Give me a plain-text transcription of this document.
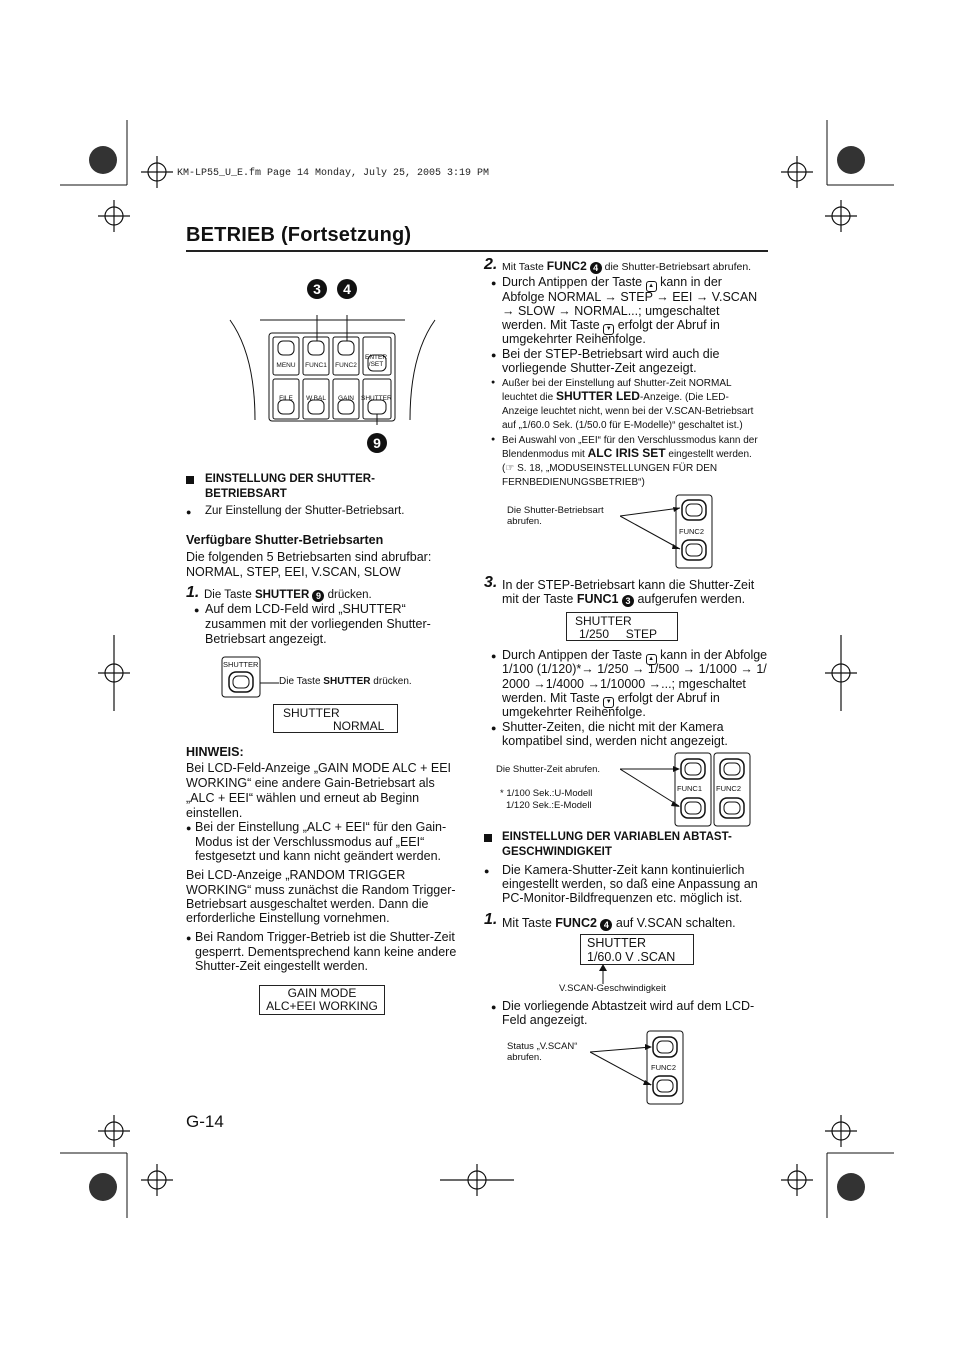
KM-LP55_U_E.fm Page 14 Monday, July 25, 2005 3:19 PM
BETRIEB (Fortsetzung)
MENU	FUNC1	FUNC2
ENTER /SET
FILE	W.BAL	GAIN	SHUTTER
3	4
9
EINSTELLUNG DER SHUTTER-
BETRIEBSART
● Zur Einstellung der Shutter-Betriebsart.
Verfügbare Shutter-Betriebsarten
Die folgenden 5 Betriebsarten sind abrufbar:
NORMAL, STEP, EEI, V.SCAN, SLOW
1. Die Taste SHUTTER 9 drücken.
● Auf dem LCD-Feld wird „SHUTTER“
zusammen mit der vorliegenden Shutter-
Betriebsart angezeigt.
SHUTTER
Die Taste SHUTTER drücken.
SHUTTER
NORMAL
HINWEIS:
Bei LCD-Feld-Anzeige „GAIN MODE ALC + EEI
WORKING“ eine andere Gain-Betriebsart als
„ALC + EEI“ wählen und erneut ab Beginn
einstellen.
● Bei der Einstellung „ALC + EEI“ für den Gain-
Modus ist der Verschlussmodus auf „EEI“
festgesetzt und kann nicht geändert werden.
Bei LCD-Anzeige „RANDOM TRIGGER
WORKING“ muss zunächst die Random Trigger-
Betriebsart ausgeschaltet werden. Dann die
erforderliche Einstellung vornehmen.
● Bei Random Trigger-Betrieb ist die Shutter-Zeit
gesperrt. Dementsprechend kann keine andere
Shutter-Zeit eingestellt werden.
GAIN MODE
ALC+EEI WORKING
G-14
2. Mit Taste FUNC2 4 die Shutter-Betriebsart abrufen.
● Durch Antippen der Taste ▲ kann in der
Abfolge NORMAL → STEP → EEI → V.SCAN
→ SLOW → NORMAL...; umgeschaltet
werden. Mit Taste ▼ erfolgt der Abruf in
umgekehrter Reihenfolge.
● Bei der STEP-Betriebsart wird auch die
vorliegende Shutter-Zeit angezeigt.
● Außer bei der Einstellung auf Shutter-Zeit NORMAL
leuchtet die SHUTTER LED-Anzeige. (Die LED-
Anzeige leuchtet nicht, wenn bei der V.SCAN-Betriebsart
auf „1/60.0 Sek. (1/50.0 für E-Modelle)“ geschaltet ist.)
● Bei Auswahl von „EEI“ für den Verschlussmodus kann der
Blendenmodus mit ALC IRIS SET eingestellt werden.
(☞ S. 18, „MODUSEINSTELLUNGEN FÜR DEN
FERNBEDIENUNGSBETRIEB“)
Die Shutter-Betriebsart
abrufen.
FUNC2
3. In der STEP-Betriebsart kann die Shutter-Zeit
mit der Taste FUNC1 3 aufgerufen werden.
SHUTTER
1/250     STEP
● Durch Antippen der Taste ▲ kann in der Abfolge
1/100 (1/120)*→ 1/250 → 1/500 → 1/1000 → 1/
2000 →1/4000 →1/10000 →...; mgeschaltet
werden. Mit Taste ▼ erfolgt der Abruf in
umgekehrter Reihenfolge.
● Shutter-Zeiten, die nicht mit der Kamera
kompatibel sind, werden nicht angezeigt.
Die Shutter-Zeit abrufen.
* 1/100 Sek.:U-Modell
1/120 Sek.:E-Modell
FUNC1 FUNC2
EINSTELLUNG DER VARIABLEN ABTAST-
GESCHWINDIGKEIT
● Die Kamera-Shutter-Zeit kann kontinuierlich
eingestellt werden, so daß eine Anpassung an
PC-Monitor-Bildfrequenzen etc. möglich ist.
1. Mit Taste FUNC2 4 auf V.SCAN schalten.
SHUTTER
1/60.0 V .SCAN
V.SCAN-Geschwindigkeit
● Die vorliegende Abtastzeit wird auf dem LCD-
Feld angezeigt.
Status „V.SCAN“
abrufen.
FUNC2
